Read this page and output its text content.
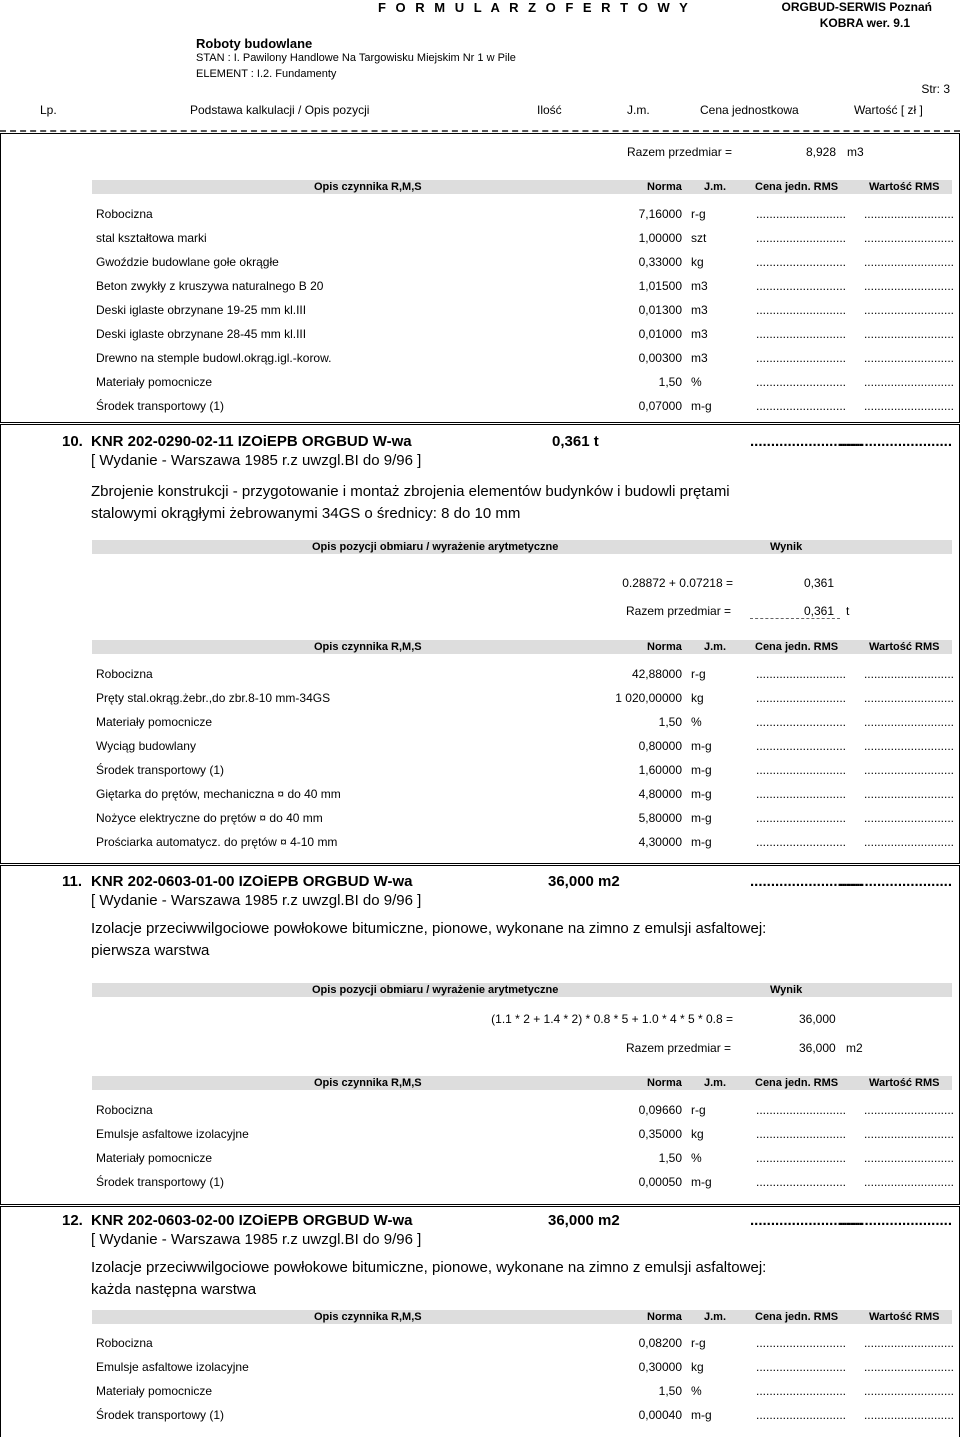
F O R M U L A R Z O F E R T O W Y	ORGBUD-SERWIS Poznań
KOBRA wer. 9.1
Roboty budowlane
STAN : I. Pawilony Handlowe Na Targowisku Miejskim Nr 1 w Pile
ELEMENT : I.2. Fundamenty
Str: 3
Lp.	Podstawa kalkulacji / Opis pozycji	Ilość	J.m.	Cena jednostkowa	Wartość [ zł ]
Razem przedmiar =	8,928 m3
Opis czynnika R,M,S	Norma J.m.	Cena jedn. RMS	Wartość RMS
Robocizna	7,16000 r-g	........................... ...........................
stal kształtowa marki	1,00000 szt	........................... ...........................
Gwoździe budowlane gołe okrągłe	0,33000 kg	........................... ...........................
Beton zwykły z kruszywa naturalnego B 20	1,01500 m3	........................... ...........................
Deski iglaste obrzynane 19-25 mm kl.III	0,01300 m3	........................... ...........................
Deski iglaste obrzynane 28-45 mm kl.III	0,01000 m3	........................... ...........................
Drewno na stemple budowl.okrąg.igl.-korow.	0,00300 m3	........................... ...........................
Materiały pomocnicze	1,50 %	........................... ...........................
Środek transportowy (1)	0,07000 m-g	........................... ...........................
10. KNR 202-0290-02-11 IZOiEPB ORGBUD W-wa	0,361 t	...........................
...........................
[ Wydanie - Warszawa 1985 r.z uwzgl.BI do 9/96 ]
Zbrojenie konstrukcji - przygotowanie i montaż zbrojenia elementów budynków i budowli prętami
stalowymi okrągłymi żebrowanymi 34GS o średnicy: 8 do 10 mm
Opis pozycji obmiaru / wyrażenie arytmetyczne	Wynik
0.28872 + 0.07218 =	0,361
Razem przedmiar =	0,361 t
Opis czynnika R,M,S	Norma J.m.	Cena jedn. RMS	Wartość RMS
Robocizna	42,88000 r-g	........................... ...........................
Pręty stal.okrąg.żebr.,do zbr.8-10 mm-34GS	1 020,00000 kg	........................... ...........................
Materiały pomocnicze	1,50 %	........................... ...........................
Wyciąg budowlany	0,80000 m-g	........................... ...........................
Środek transportowy (1)	1,60000 m-g	........................... ...........................
Giętarka do prętów, mechaniczna ¤ do 40 mm	4,80000 m-g	........................... ...........................
Nożyce elektryczne do prętów ¤ do 40 mm	5,80000 m-g	........................... ...........................
Prościarka automatycz. do prętów ¤ 4-10 mm	4,30000 m-g	........................... ...........................
11. KNR 202-0603-01-00 IZOiEPB ORGBUD W-wa	36,000 m2	...........................
...........................
[ Wydanie - Warszawa 1985 r.z uwzgl.BI do 9/96 ]
Izolacje przeciwwilgociowe powłokowe bitumiczne, pionowe, wykonane na zimno z emulsji asfaltowej:
pierwsza warstwa
Opis pozycji obmiaru / wyrażenie arytmetyczne	Wynik
(1.1 * 2 + 1.4 * 2) * 0.8 * 5 + 1.0 * 4 * 5 * 0.8 =	36,000
Razem przedmiar =	36,000 m2
Opis czynnika R,M,S	Norma J.m.	Cena jedn. RMS	Wartość RMS
Robocizna	0,09660 r-g	........................... ...........................
Emulsje asfaltowe izolacyjne	0,35000 kg	........................... ...........................
Materiały pomocnicze	1,50 %	........................... ...........................
Środek transportowy (1)	0,00050 m-g	........................... ...........................
12. KNR 202-0603-02-00 IZOiEPB ORGBUD W-wa	36,000 m2	...........................
...........................
[ Wydanie - Warszawa 1985 r.z uwzgl.BI do 9/96 ]
Izolacje przeciwwilgociowe powłokowe bitumiczne, pionowe, wykonane na zimno z emulsji asfaltowej:
każda następna warstwa
Opis czynnika R,M,S	Norma J.m.	Cena jedn. RMS	Wartość RMS
Robocizna	0,08200 r-g	........................... ...........................
Emulsje asfaltowe izolacyjne	0,30000 kg	........................... ...........................
Materiały pomocnicze	1,50 %	........................... ...........................
Środek transportowy (1)	0,00040 m-g	........................... ...........................
